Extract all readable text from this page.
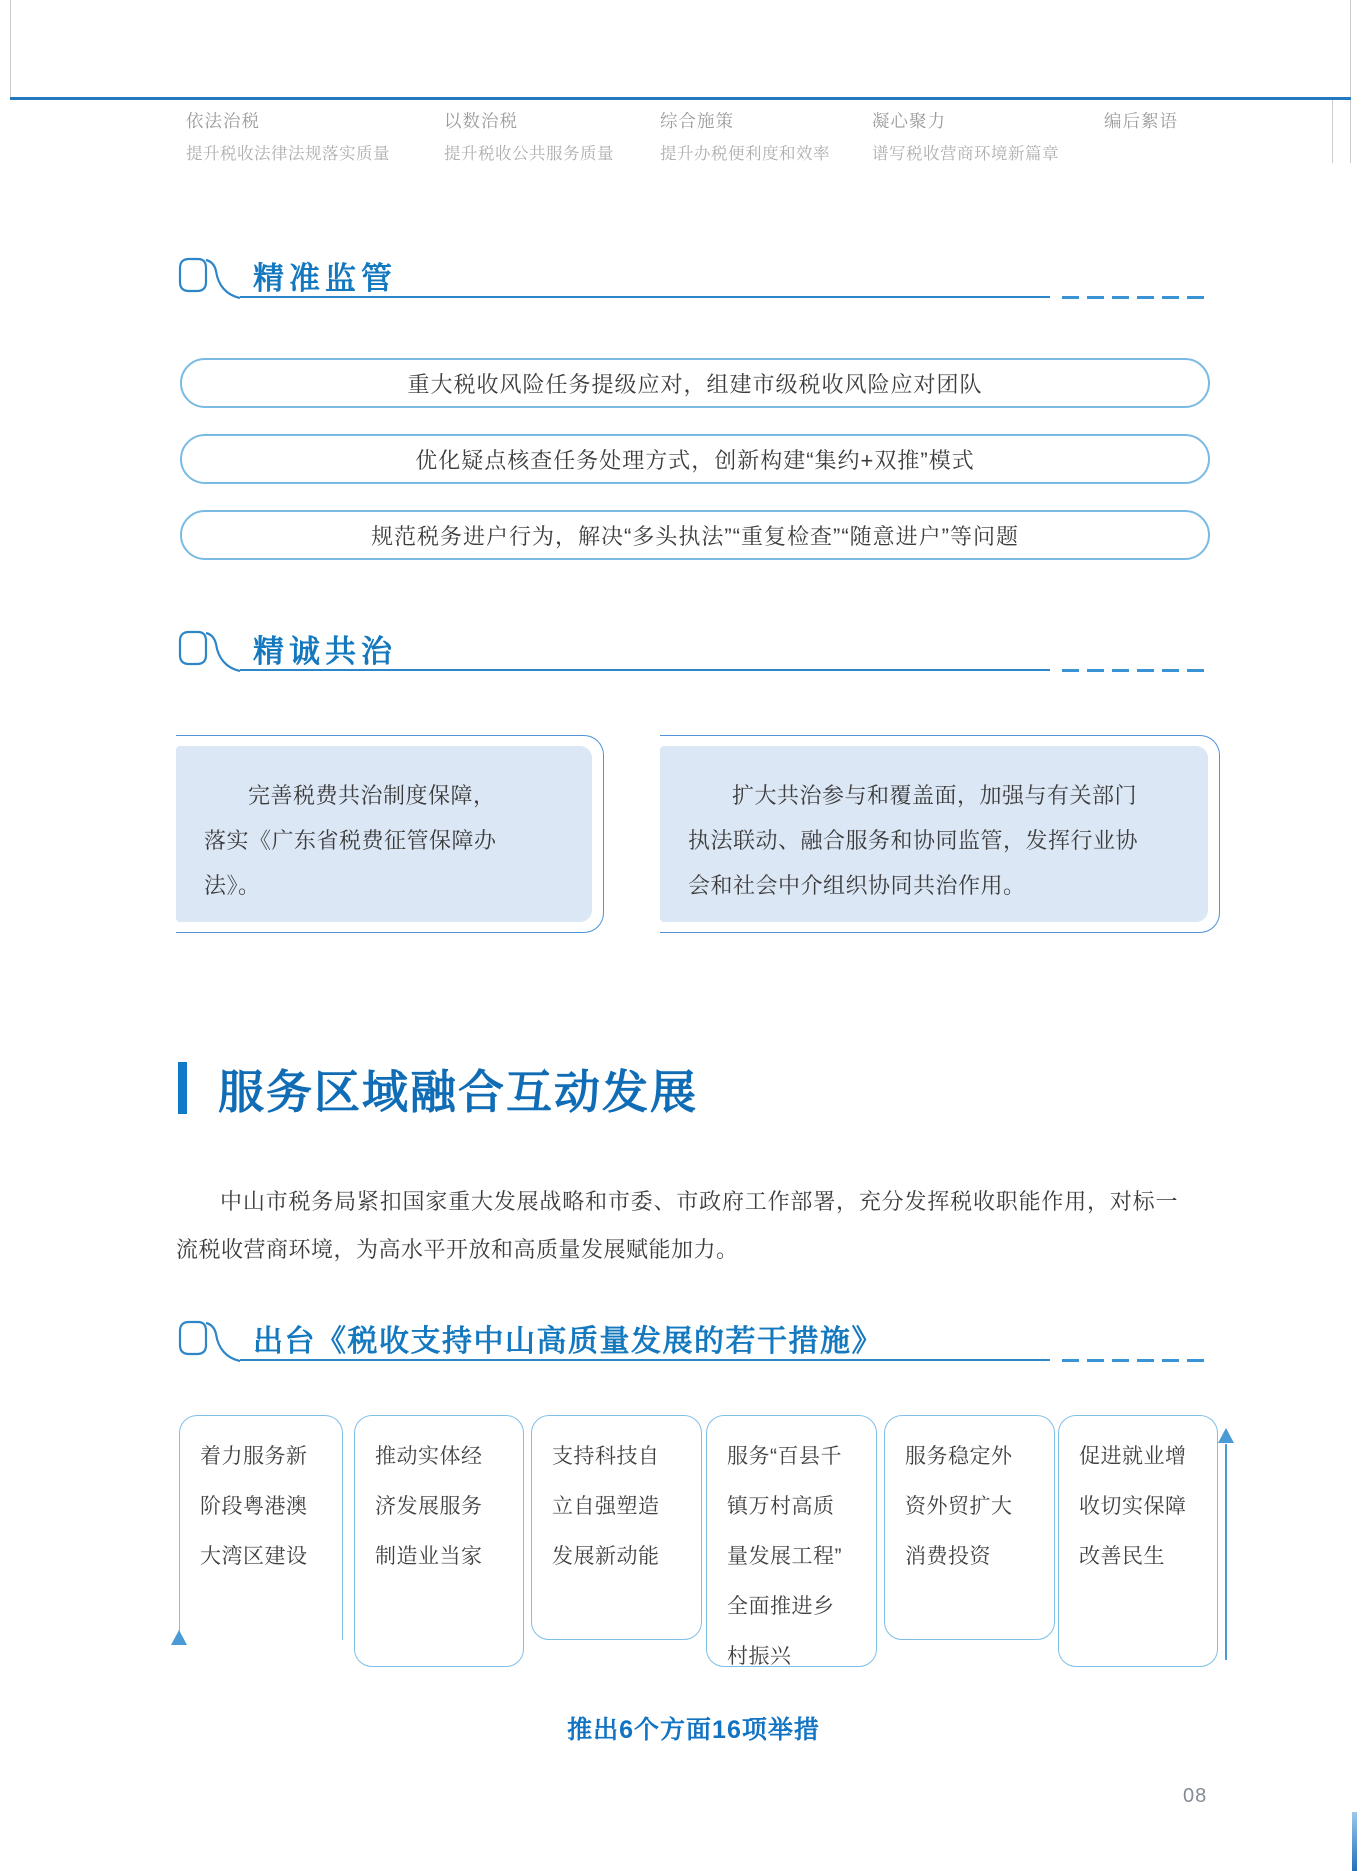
依法治税
提升税收法律法规落实质量
以数治税
提升税收公共服务质量
综合施策
提升办税便利度和效率
凝心聚力
谱写税收营商环境新篇章
编后絮语
精准监管
重大税收风险任务提级应对，组建市级税收风险应对团队
优化疑点核查任务处理方式，创新构建“集约+双推”模式
规范税务进户行为，解决“多头执法”“重复检查”“随意进户”等问题
精诚共治
完善税费共治制度保障，
落实《广东省税费征管保障办
法》。
扩大共治参与和覆盖面，加强与有关部门
执法联动、融合服务和协同监管，发挥行业协
会和社会中介组织协同共治作用。
服务区域融合互动发展
中山市税务局紧扣国家重大发展战略和市委、市政府工作部署，充分发挥税收职能作用，对标一流税收营商环境，为高水平开放和高质量发展赋能加力。
出台《税收支持中山高质量发展的若干措施》
着力服务新
阶段粤港澳
大湾区建设
推动实体经
济发展服务
制造业当家
支持科技自
立自强塑造
发展新动能
服务“百县千
镇万村高质
量发展工程”
全面推进乡
村振兴
服务稳定外
资外贸扩大
消费投资
促进就业增
收切实保障
改善民生
推出6个方面16项举措
08
